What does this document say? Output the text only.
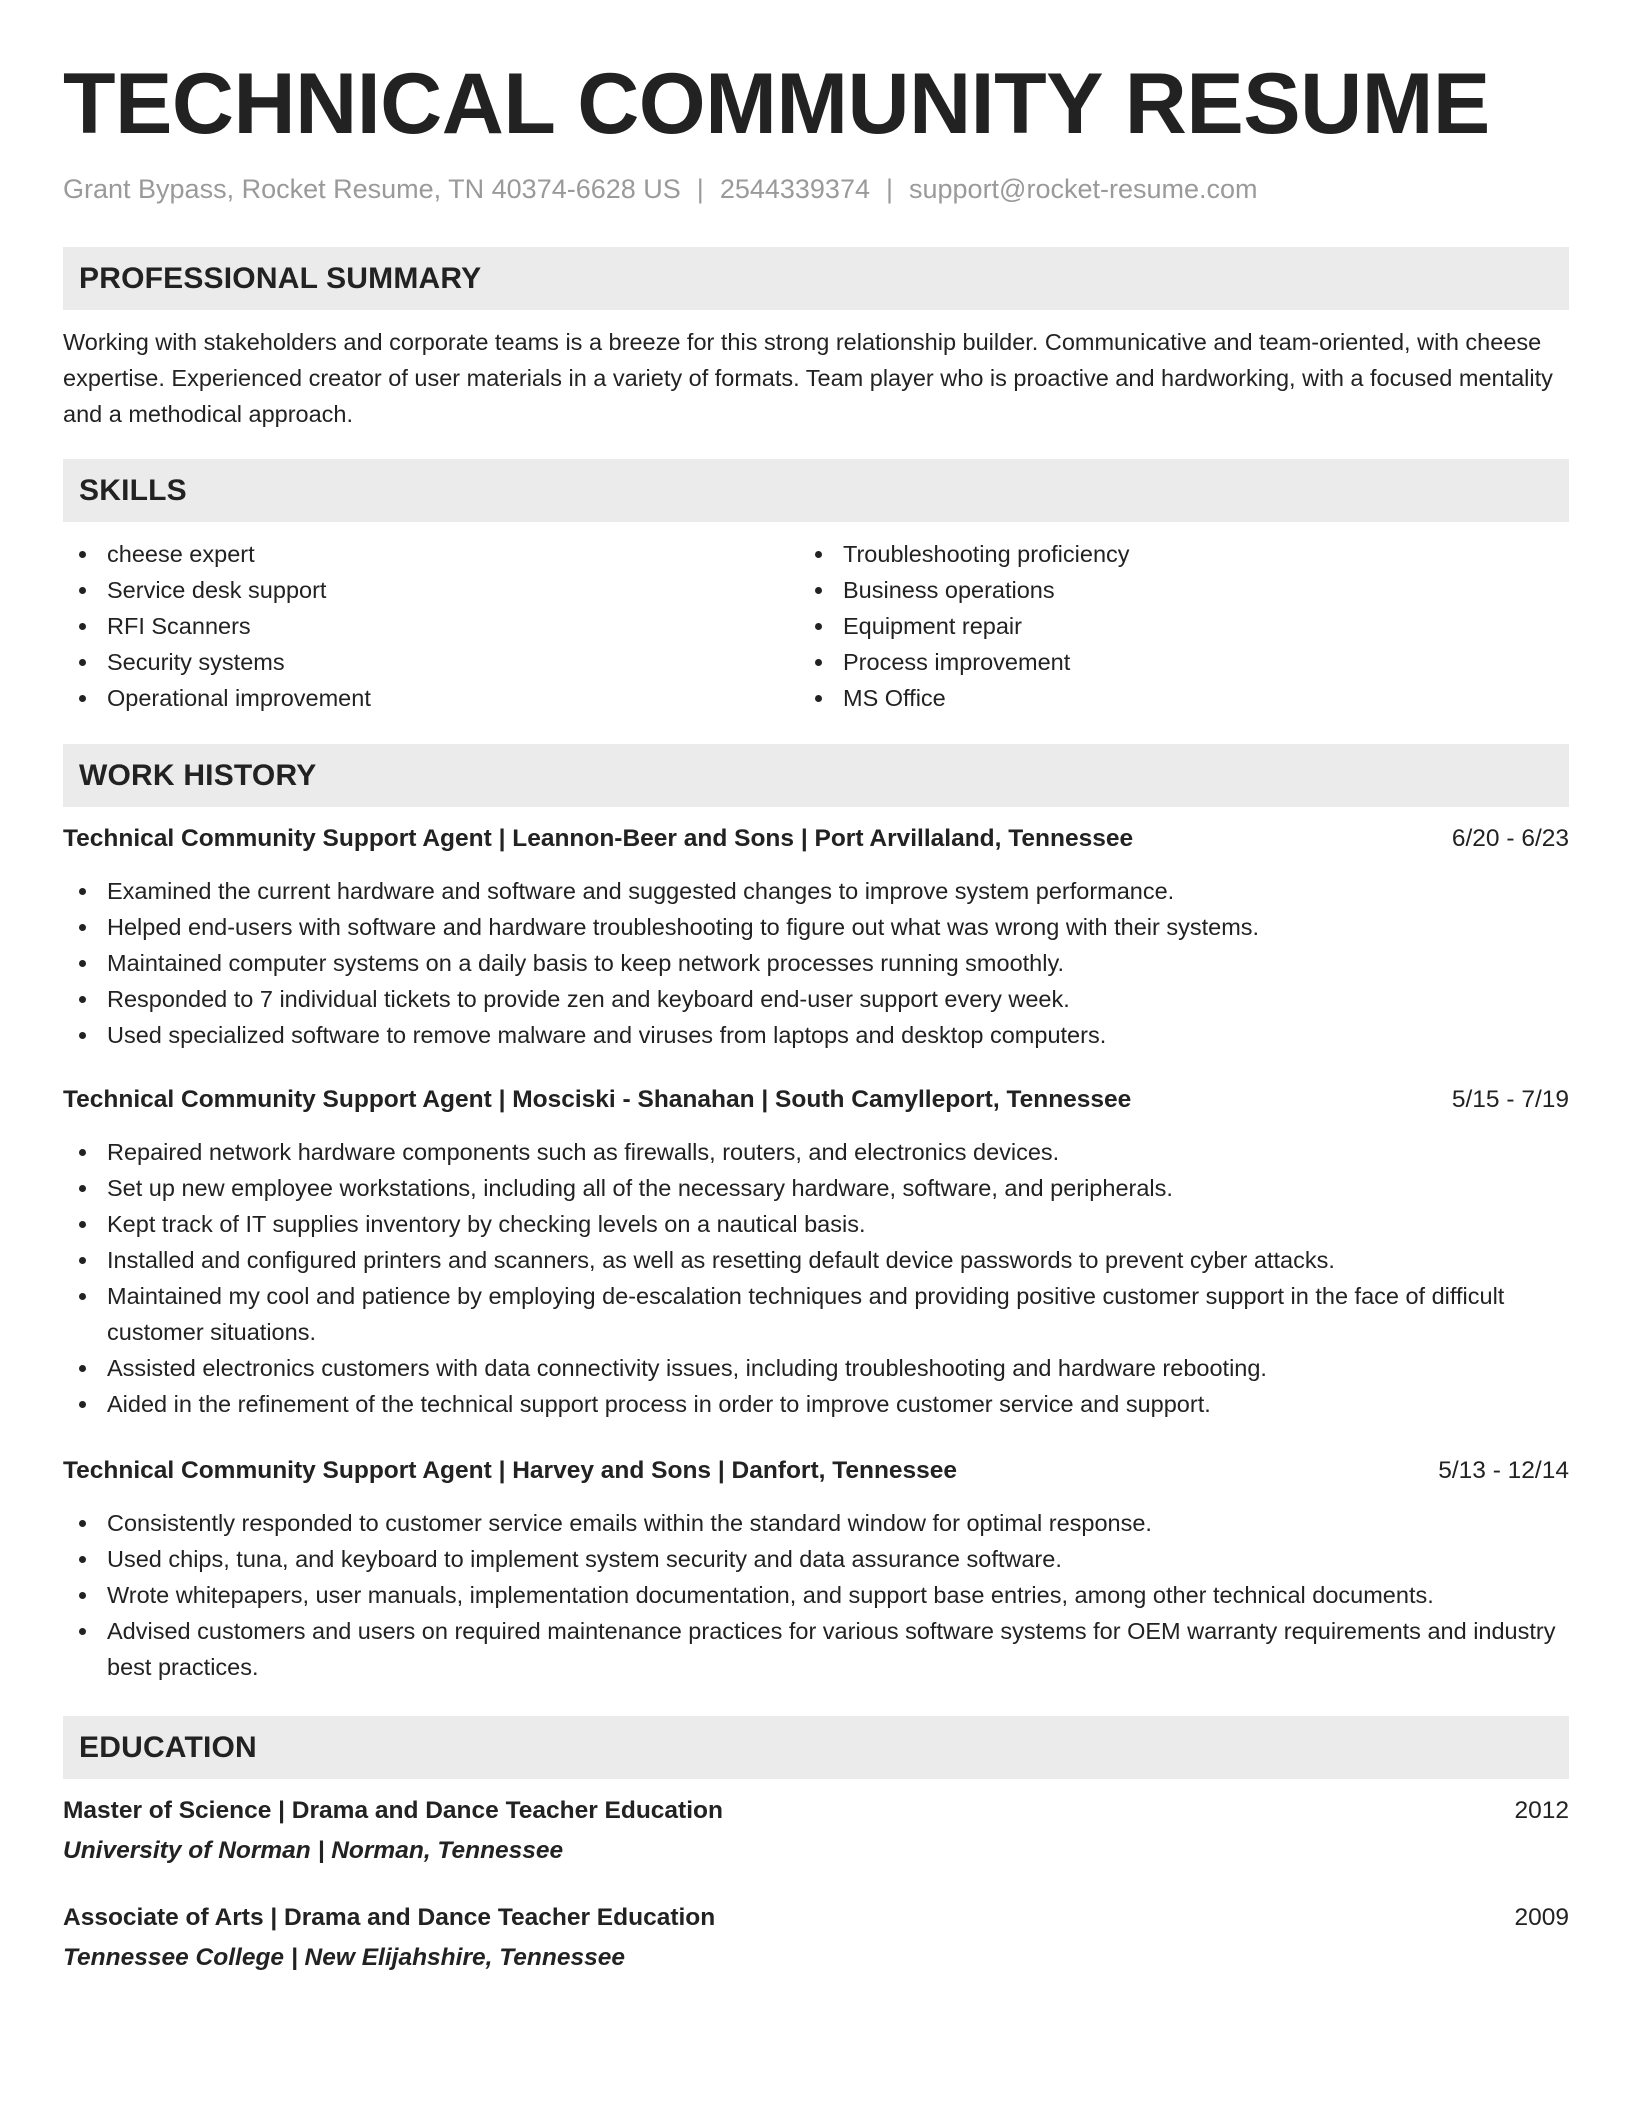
TECHNICAL COMMUNITY RESUME
Grant Bypass, Rocket Resume, TN 40374-6628 US | 2544339374 | support@rocket-resume.com
PROFESSIONAL SUMMARY

Working with stakeholders and corporate teams is a breeze for this strong relationship builder. Communicative and team-oriented, with cheese expertise. Experienced creator of user materials in a variety of formats. Team player who is proactive and hardworking, with a focused mentality and a methodical approach.

SKILLS
cheese expert
Service desk support
RFI Scanners
Security systems
Operational improvement
Troubleshooting proficiency
Business operations
Equipment repair
Process improvement
MS Office
WORK HISTORY
Technical Community Support Agent | Leannon-Beer and Sons | Port Arvillaland, Tennessee	6/20 - 6/23
Examined the current hardware and software and suggested changes to improve system performance.
Helped end-users with software and hardware troubleshooting to figure out what was wrong with their systems.
Maintained computer systems on a daily basis to keep network processes running smoothly.
Responded to 7 individual tickets to provide zen and keyboard end-user support every week.
Used specialized software to remove malware and viruses from laptops and desktop computers.
Technical Community Support Agent | Mosciski - Shanahan | South Camylleport, Tennessee	5/15 - 7/19
Repaired network hardware components such as firewalls, routers, and electronics devices.
Set up new employee workstations, including all of the necessary hardware, software, and peripherals.
Kept track of IT supplies inventory by checking levels on a nautical basis.
Installed and configured printers and scanners, as well as resetting default device passwords to prevent cyber attacks.
Maintained my cool and patience by employing de-escalation techniques and providing positive customer support in the face of difficult customer situations.
Assisted electronics customers with data connectivity issues, including troubleshooting and hardware rebooting.
Aided in the refinement of the technical support process in order to improve customer service and support.
Technical Community Support Agent | Harvey and Sons | Danfort, Tennessee	5/13 - 12/14
Consistently responded to customer service emails within the standard window for optimal response.
Used chips, tuna, and keyboard to implement system security and data assurance software.
Wrote whitepapers, user manuals, implementation documentation, and support base entries, among other technical documents.
Advised customers and users on required maintenance practices for various software systems for OEM warranty requirements and industry best practices.
EDUCATION
Master of Science | Drama and Dance Teacher Education	2012
University of Norman | Norman, Tennessee
Associate of Arts | Drama and Dance Teacher Education	2009
Tennessee College | New Elijahshire, Tennessee
